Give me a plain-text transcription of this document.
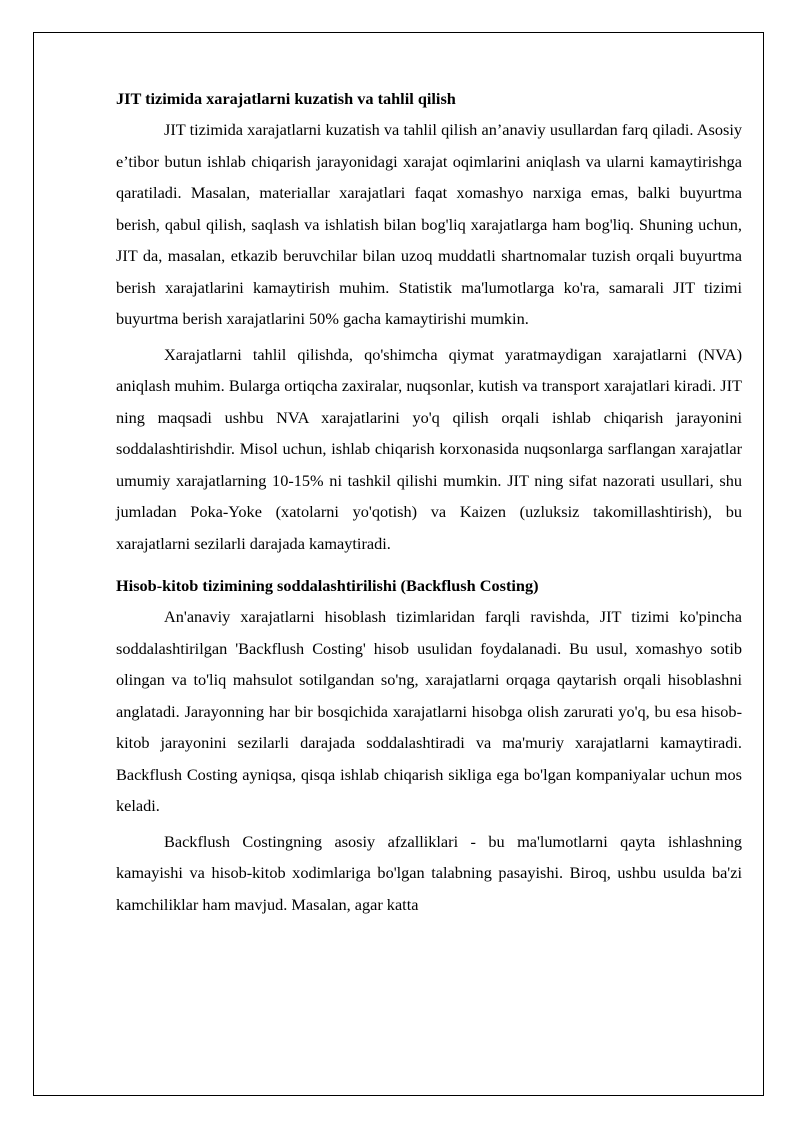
JIT tizimida xarajatlarni kuzatish va tahlil qilish

JIT tizimida xarajatlarni kuzatish va tahlil qilish an’anaviy usullardan farq qiladi. Asosiy e’tibor butun ishlab chiqarish jarayonidagi xarajat oqimlarini aniqlash va ularni kamaytirishga qaratiladi. Masalan, materiallar xarajatlari faqat xomashyo narxiga emas, balki buyurtma berish, qabul qilish, saqlash va ishlatish bilan bog'liq xarajatlarga ham bog'liq. Shuning uchun, JIT da, masalan, etkazib beruvchilar bilan uzoq muddatli shartnomalar tuzish orqali buyurtma berish xarajatlarini kamaytirish muhim. Statistik ma'lumotlarga ko'ra, samarali JIT tizimi buyurtma berish xarajatlarini 50% gacha kamaytirishi mumkin.

Xarajatlarni tahlil qilishda, qo'shimcha qiymat yaratmaydigan xarajatlarni (NVA) aniqlash muhim. Bularga ortiqcha zaxiralar, nuqsonlar, kutish va transport xarajatlari kiradi. JIT ning maqsadi ushbu NVA xarajatlarini yo'q qilish orqali ishlab chiqarish jarayonini soddalashtirishdir. Misol uchun, ishlab chiqarish korxonasida nuqsonlarga sarflangan xarajatlar umumiy xarajatlarning 10-15% ni tashkil qilishi mumkin. JIT ning sifat nazorati usullari, shu jumladan Poka-Yoke (xatolarni yo'qotish) va Kaizen (uzluksiz takomillashtirish), bu xarajatlarni sezilarli darajada kamaytiradi.

Hisob-kitob tizimining soddalashtirilishi (Backflush Costing)

An'anaviy xarajatlarni hisoblash tizimlaridan farqli ravishda, JIT tizimi ko'pincha soddalashtirilgan 'Backflush Costing' hisob usulidan foydalanadi. Bu usul, xomashyo sotib olingan va to'liq mahsulot sotilgandan so'ng, xarajatlarni orqaga qaytarish orqali hisoblashni anglatadi. Jarayonning har bir bosqichida xarajatlarni hisobga olish zarurati yo'q, bu esa hisob-kitob jarayonini sezilarli darajada soddalashtiradi va ma'muriy xarajatlarni kamaytiradi. Backflush Costing ayniqsa, qisqa ishlab chiqarish sikliga ega bo'lgan kompaniyalar uchun mos keladi.

Backflush Costingning asosiy afzalliklari - bu ma'lumotlarni qayta ishlashning kamayishi va hisob-kitob xodimlariga bo'lgan talabning pasayishi. Biroq, ushbu usulda ba'zi kamchiliklar ham mavjud. Masalan, agar katta
